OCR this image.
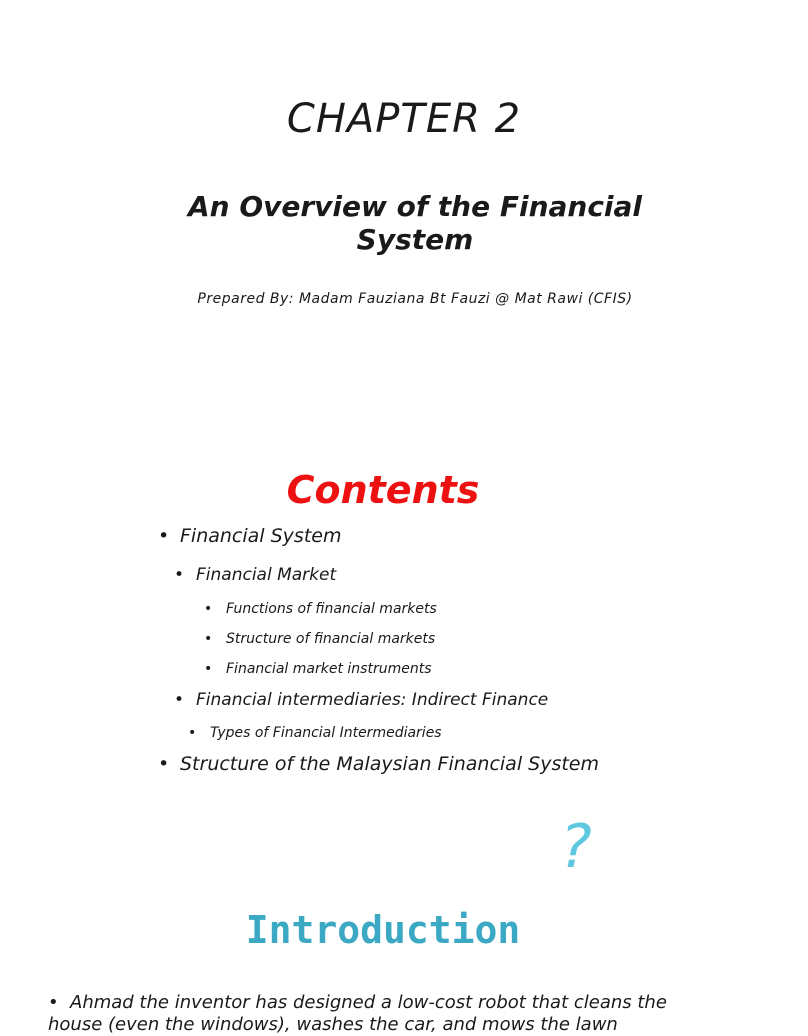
CHAPTER 2
An Overview of the Financial System

Prepared By: Madam Fauziana Bt Fauzi @ Mat Rawi (CFIS)

Contents
• Financial System
• Financial Market
• Functions of financial markets
• Structure of financial markets
• Financial market instruments
• Financial intermediaries: Indirect Finance
• Types of Financial Intermediaries
• Structure of the Malaysian Financial System
?
Introduction
• Ahmad the inventor has designed a low-cost robot that cleans the house (even the windows), washes the car, and mows the lawn
